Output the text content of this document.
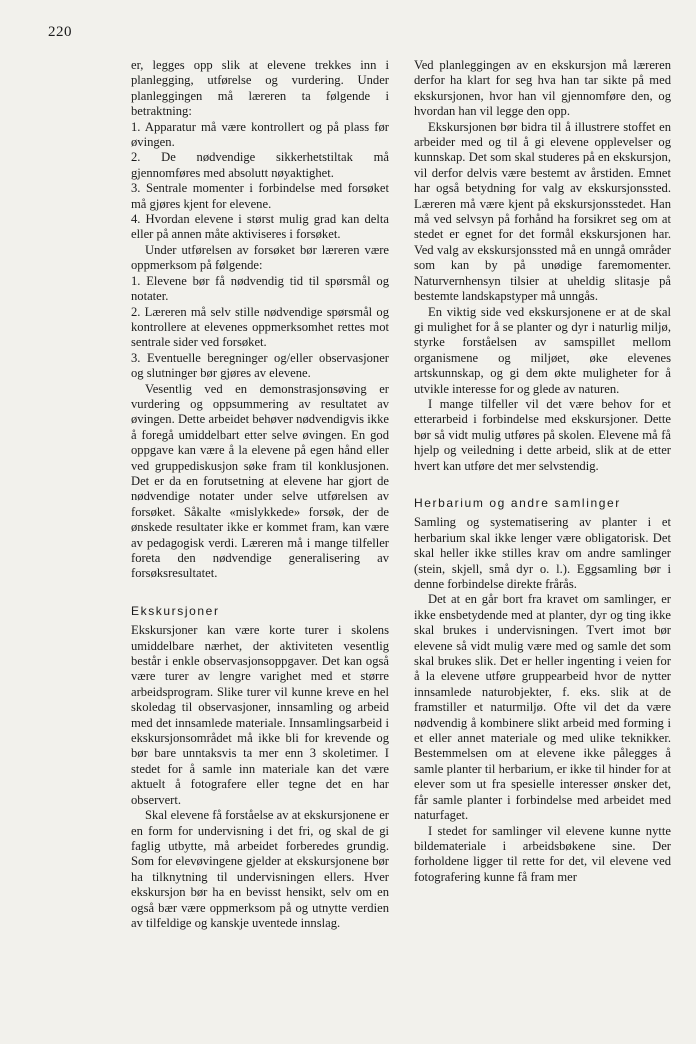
220

er, legges opp slik at elevene trekkes inn i planlegging, utførelse og vurdering. Under planleggingen må læreren ta følgende i betraktning:

1. Apparatur må være kontrollert og på plass før øvingen.

2. De nødvendige sikkerhetstiltak må gjennomføres med absolutt nøyaktighet.

3. Sentrale momenter i forbindelse med forsøket må gjøres kjent for elevene.

4. Hvordan elevene i størst mulig grad kan delta eller på annen måte aktiviseres i forsøket.

Under utførelsen av forsøket bør læreren være oppmerksom på følgende:

1. Elevene bør få nødvendig tid til spørsmål og notater.

2. Læreren må selv stille nødvendige spørsmål og kontrollere at elevenes oppmerksomhet rettes mot sentrale sider ved forsøket.

3. Eventuelle beregninger og/eller observasjoner og slutninger bør gjøres av elevene.

Vesentlig ved en demonstrasjonsøving er vurdering og oppsummering av resultatet av øvingen. Dette arbeidet behøver nødvendigvis ikke å foregå umiddelbart etter selve øvingen. En god oppgave kan være å la elevene på egen hånd eller ved gruppediskusjon søke fram til konklusjonen. Det er da en forutsetning at elevene har gjort de nødvendige notater under selve utførelsen av forsøket. Såkalte «mislykkede» forsøk, der de ønskede resultater ikke er kommet fram, kan være av pedagogisk verdi. Læreren må i mange tilfeller foreta den nødvendige generalisering av forsøksresultatet.

Ekskursjoner

Ekskursjoner kan være korte turer i skolens umiddelbare nærhet, der aktiviteten vesentlig består i enkle observasjonsoppgaver. Det kan også være turer av lengre varighet med et større arbeidsprogram. Slike turer vil kunne kreve en hel skoledag til observasjoner, innsamling og arbeid med det innsamlede materiale. Innsamlingsarbeid i ekskursjonsområdet må ikke bli for krevende og bør bare unntaksvis ta mer enn 3 skoletimer. I stedet for å samle inn materiale kan det være aktuelt å fotografere eller tegne det en har observert.

Skal elevene få forståelse av at ekskursjonene er en form for undervisning i det fri, og skal de gi faglig utbytte, må arbeidet forberedes grundig. Som for elevøvingene gjelder at ekskursjonene bør ha tilknytning til undervisningen ellers. Hver ekskursjon bør ha en bevisst hensikt, selv om en også bær være oppmerksom på og utnytte verdien av tilfeldige og kanskje uventede innslag.

Ved planleggingen av en ekskursjon må læreren derfor ha klart for seg hva han tar sikte på med ekskursjonen, hvor han vil gjennomføre den, og hvordan han vil legge den opp.

Ekskursjonen bør bidra til å illustrere stoffet en arbeider med og til å gi elevene opplevelser og kunnskap. Det som skal studeres på en ekskursjon, vil derfor delvis være bestemt av årstiden. Emnet har også betydning for valg av ekskursjonssted. Læreren må være kjent på ekskursjonsstedet. Han må ved selvsyn på forhånd ha forsikret seg om at stedet er egnet for det formål ekskursjonen har. Ved valg av ekskursjonssted må en unngå områder som kan by på unødige faremomenter. Naturvernhensyn tilsier at uheldig slitasje på bestemte landskapstyper må unngås.

En viktig side ved ekskursjonene er at de skal gi mulighet for å se planter og dyr i naturlig miljø, styrke forståelsen av samspillet mellom organismene og miljøet, øke elevenes artskunnskap, og gi dem økte muligheter for å utvikle interesse for og glede av naturen.

I mange tilfeller vil det være behov for et etterarbeid i forbindelse med ekskursjoner. Dette bør så vidt mulig utføres på skolen. Elevene må få hjelp og veiledning i dette arbeid, slik at de etter hvert kan utføre det mer selvstendig.

Herbarium og andre samlinger

Samling og systematisering av planter i et herbarium skal ikke lenger være obligatorisk. Det skal heller ikke stilles krav om andre samlinger (stein, skjell, små dyr o. l.). Eggsamling bør i denne forbindelse direkte frårås.

Det at en går bort fra kravet om samlinger, er ikke ensbetydende med at planter, dyr og ting ikke skal brukes i undervisningen. Tvert imot bør elevene så vidt mulig være med og samle det som skal brukes slik. Det er heller ingenting i veien for å la elevene utføre gruppearbeid hvor de nytter innsamlede naturobjekter, f. eks. slik at de framstiller et naturmiljø. Ofte vil det da være nødvendig å kombinere slikt arbeid med forming i et eller annet materiale og med ulike teknikker. Bestemmelsen om at elevene ikke pålegges å samle planter til herbarium, er ikke til hinder for at elever som ut fra spesielle interesser ønsker det, får samle planter i forbindelse med arbeidet med naturfaget.

I stedet for samlinger vil elevene kunne nytte bildemateriale i arbeidsbøkene sine. Der forholdene ligger til rette for det, vil elevene ved fotografering kunne få fram mer
